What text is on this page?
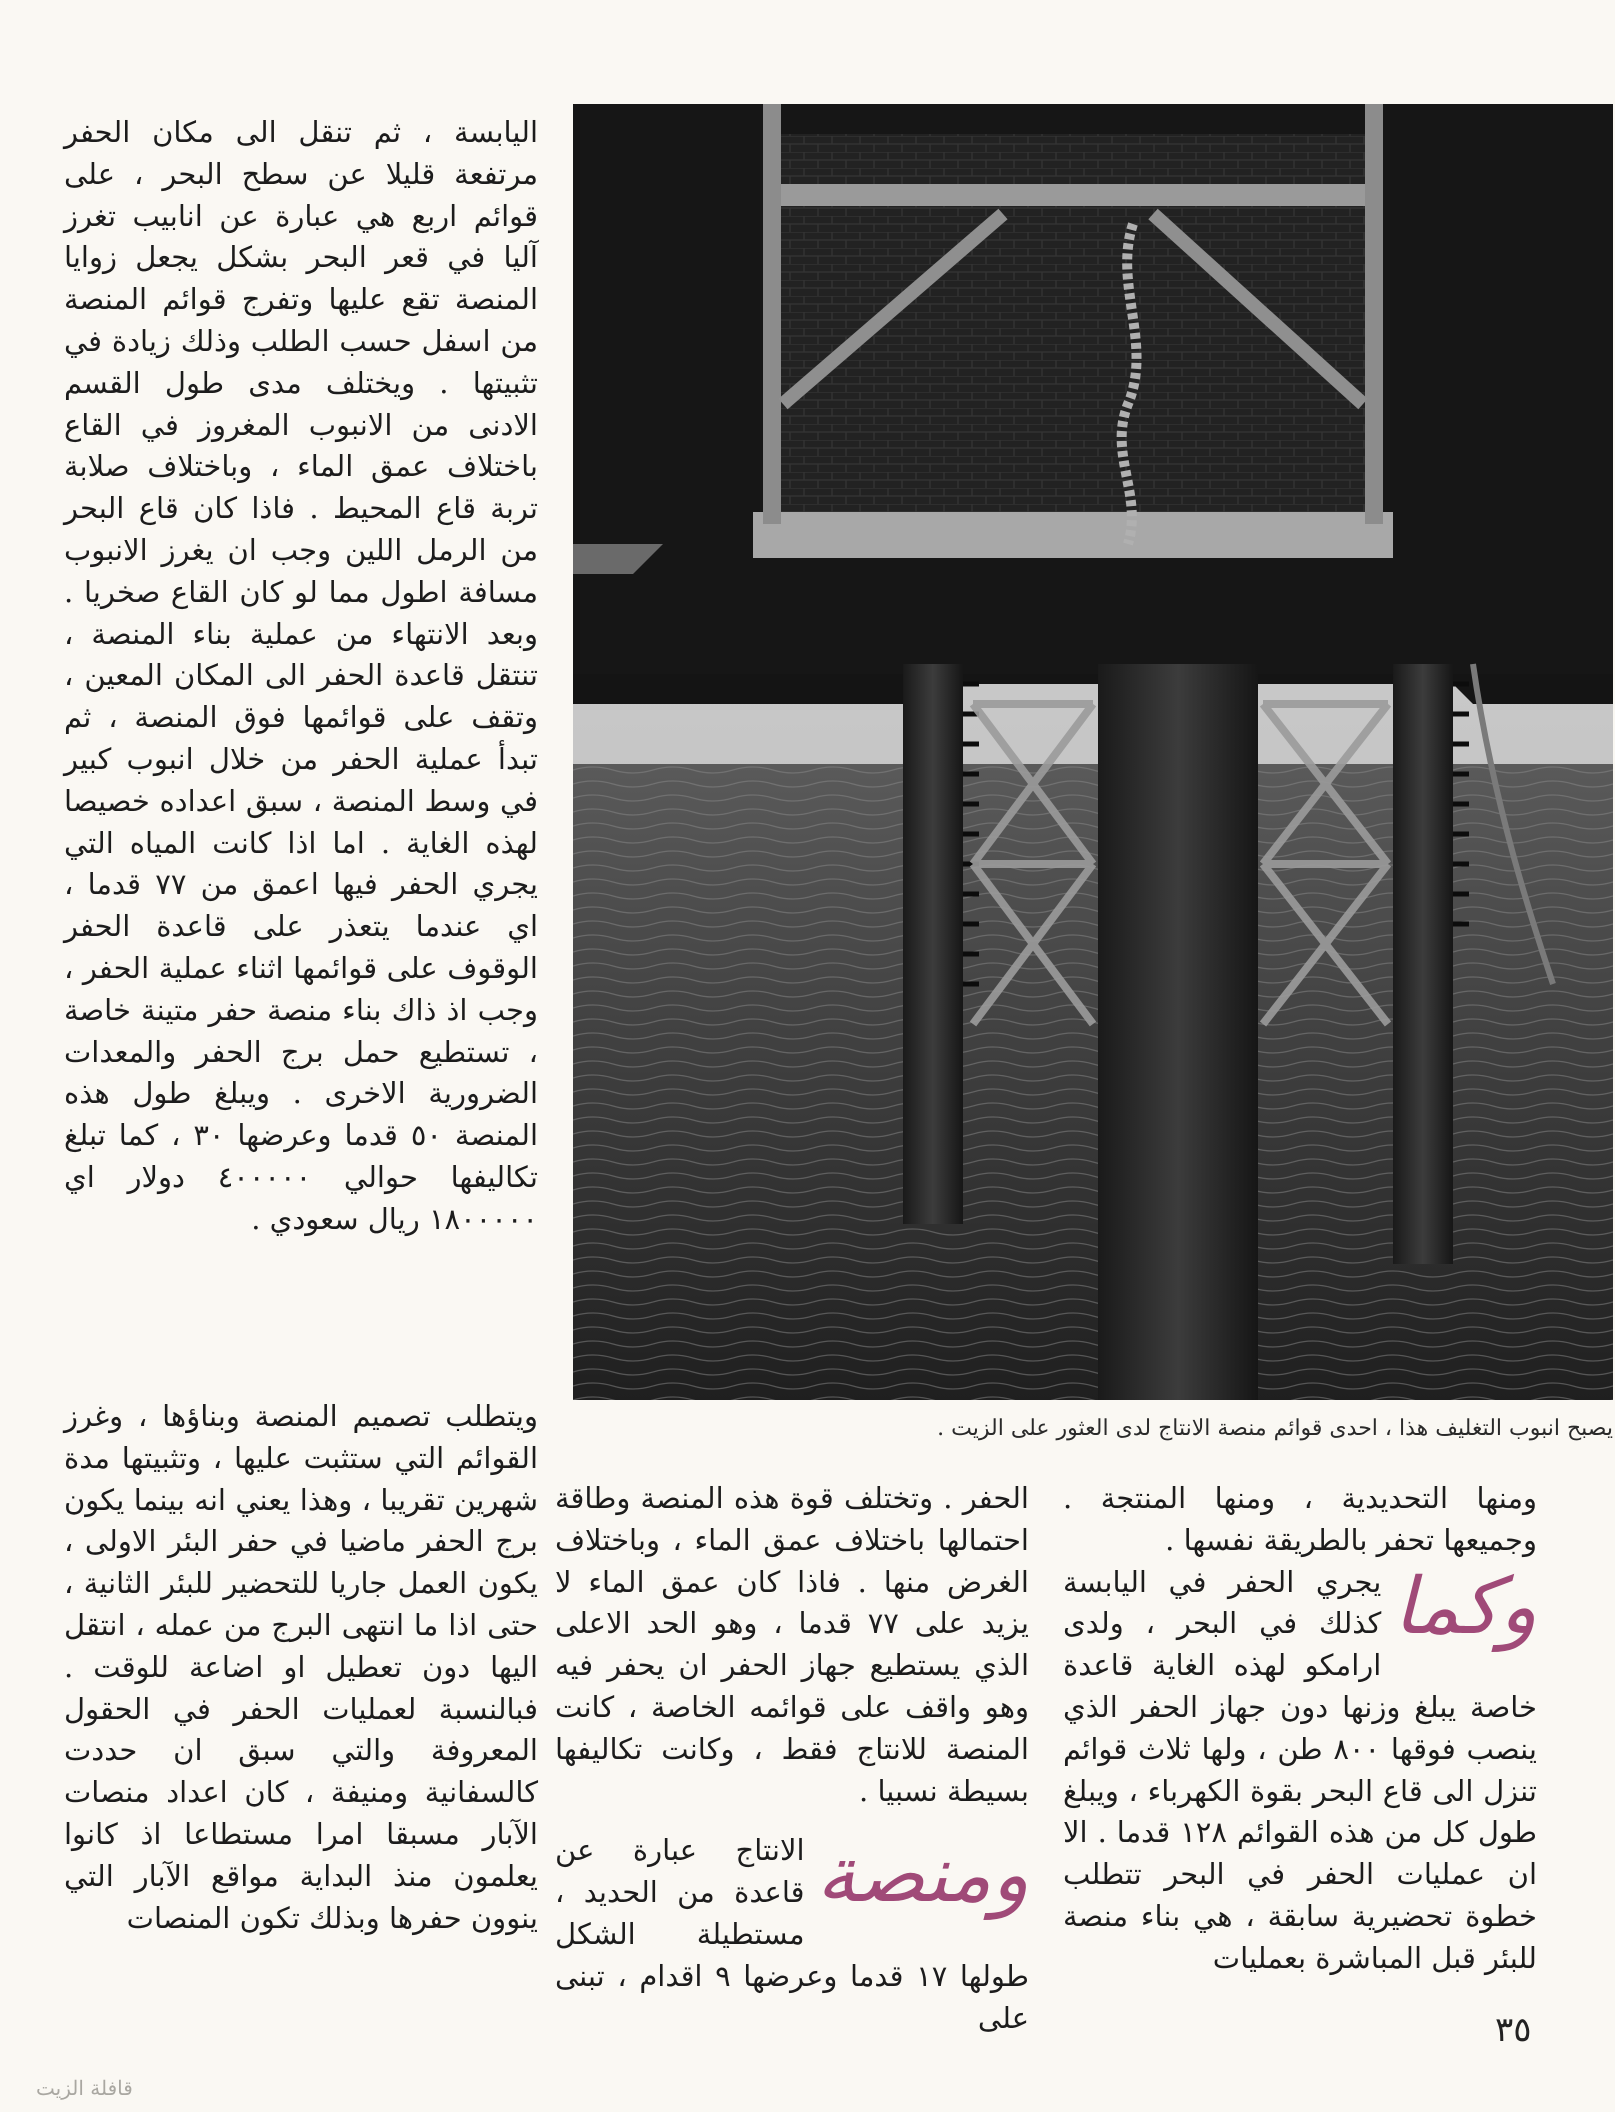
اليابسة ، ثم تنقل الى مكان الحفر مرتفعة قليلا عن سطح البحر ، على قوائم اربع هي عبارة عن انابيب تغرز آليا في قعر البحر بشكل يجعل زوايا المنصة تقع عليها وتفرج قوائم المنصة من اسفل حسب الطلب وذلك زيادة في تثبيتها . ويختلف مدى طول القسم الادنى من الانبوب المغروز في القاع باختلاف عمق الماء ، وباختلاف صلابة تربة قاع المحيط . فاذا كان قاع البحر من الرمل اللين وجب ان يغرز الانبوب مسافة اطول مما لو كان القاع صخريا . وبعد الانتهاء من عملية بناء المنصة ، تنتقل قاعدة الحفر الى المكان المعين ، وتقف على قوائمها فوق المنصة ، ثم تبدأ عملية الحفر من خلال انبوب كبير في وسط المنصة ، سبق اعداده خصيصا لهذه الغاية . اما اذا كانت المياه التي يجري الحفر فيها اعمق من ٧٧ قدما ، اي عندما يتعذر على قاعدة الحفر الوقوف على قوائمها اثناء عملية الحفر ، وجب اذ ذاك بناء منصة حفر متينة خاصة ، تستطيع حمل برج الحفر والمعدات الضرورية الاخرى . ويبلغ طول هذه المنصة ٥٠ قدما وعرضها ٣٠ ، كما تبلغ تكاليفها حوالي ٤٠٠٠٠٠ دولار اي ١٨٠٠٠٠٠ ريال سعودي .

ويتطلب تصميم المنصة وبناؤها ، وغرز القوائم التي ستثبت عليها ، وتثبيتها مدة شهرين تقريبا ، وهذا يعني انه بينما يكون برج الحفر ماضيا في حفر البئر الاولى ، يكون العمل جاريا للتحضير للبئر الثانية ، حتى اذا ما انتهى البرج من عمله ، انتقل اليها دون تعطيل او اضاعة للوقت . فبالنسبة لعمليات الحفر في الحقول المعروفة والتي سبق ان حددت كالسفانية ومنيفة ، كان اعداد منصات الآبار مسبقا امرا مستطاعا اذ كانوا يعلمون منذ البداية مواقع الآبار التي ينوون حفرها وبذلك تكون المنصات

يصبح انبوب التغليف هذا ، احدى قوائم منصة الانتاج لدى العثور على الزيت .

الحفر . وتختلف قوة هذه المنصة وطاقة احتمالها باختلاف عمق الماء ، وباختلاف الغرض منها . فاذا كان عمق الماء لا يزيد على ٧٧ قدما ، وهو الحد الاعلى الذي يستطيع جهاز الحفر ان يحفر فيه وهو واقف على قوائمه الخاصة ، كانت المنصة للانتاج فقط ، وكانت تكاليفها بسيطة نسبيا .

ومنصة
الانتاج عبارة عن قاعدة من الحديد ، مستطيلة الشكل طولها ١٧ قدما وعرضها ٩ اقدام ، تبنى على

ومنها التحديدية ، ومنها المنتجة . وجميعها تحفر بالطريقة نفسها .

وكما
يجري الحفر في اليابسة كذلك في البحر ، ولدى ارامكو لهذه الغاية قاعدة خاصة يبلغ وزنها دون جهاز الحفر الذي ينصب فوقها ٨٠٠ طن ، ولها ثلاث قوائم تنزل الى قاع البحر بقوة الكهرباء ، ويبلغ طول كل من هذه القوائم ١٢٨ قدما . الا ان عمليات الحفر في البحر تتطلب خطوة تحضيرية سابقة ، هي بناء منصة للبئر قبل المباشرة بعمليات

٣٥
قافلة الزيت
